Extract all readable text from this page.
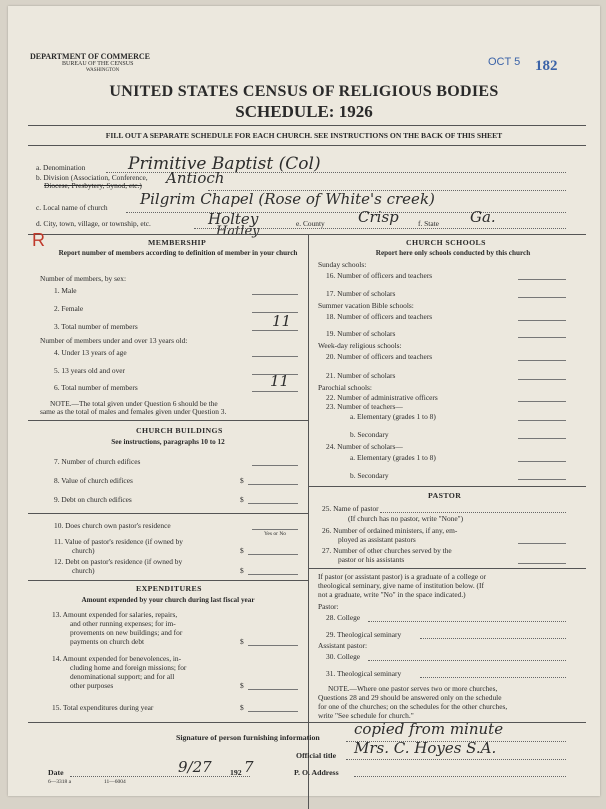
DEPARTMENT OF COMMERCE
BUREAU OF THE CENSUS
WASHINGTON
OCT 5 182
UNITED STATES CENSUS OF RELIGIOUS BODIES
SCHEDULE: 1926
FILL OUT A SEPARATE SCHEDULE FOR EACH CHURCH. SEE INSTRUCTIONS ON THE BACK OF THIS SHEET
a. Denomination	Primitive Baptist (Col)
b. Division (Association, Conference,
Diocese, Presbytery, Synod, etc.) Antioch
c. Local name of church Pilgrim Chapel (Rose of White's creek)
d. City, town, village, or township, etc.	Holtey
Hatley
e. County Crisp	f. State Ga.
R	MEMBERSHIP
Report number of members according to definition of member in your church
Number of members, by sex:
1. Male
2. Female
3. Total number of members	11
Number of members under and over 13 years old:
4. Under 13 years of age
5. 13 years old and over
6. Total number of members	11
NOTE.—The total given under Question 6 should be the
same as the total of males and females given under Question 3.
CHURCH BUILDINGS
See instructions, paragraphs 10 to 12
7. Number of church edifices
8. Value of church edifices	$
9. Debt on church edifices	$
10. Does church own pastor's residence
Yes or No
11. Value of pastor's residence (if owned by
church)	$
12. Debt on pastor's residence (if owned by
church)	$
EXPENDITURES
Amount expended by your church during last fiscal year
13. Amount expended for salaries, repairs,
and other running expenses; for im-
provements on new buildings; and for
payments on church debt	$
14. Amount expended for benevolences, in-
cluding home and foreign missions; for
denominational support; and for all
other purposes	$
15. Total expenditures during year	$
CHURCH SCHOOLS
Report here only schools conducted by this church
Sunday schools:
16. Number of officers and teachers
17. Number of scholars
Summer vacation Bible schools:
18. Number of officers and teachers
19. Number of scholars
Week-day religious schools:
20. Number of officers and teachers
21. Number of scholars
Parochial schools:
22. Number of administrative officers
23. Number of teachers—
a. Elementary (grades 1 to 8)
b. Secondary
24. Number of scholars—
a. Elementary (grades 1 to 8)
b. Secondary
PASTOR
25. Name of pastor
(If church has no pastor, write "None")
26. Number of ordained ministers, if any, em-
ployed as assistant pastors
27. Number of other churches served by the
pastor or his assistants
If pastor (or assistant pastor) is a graduate of a college or
theological seminary, give name of institution below. (If
not a graduate, write "No" in the space indicated.)
Pastor:
28. College
29. Theological seminary
Assistant pastor:
30. College
31. Theological seminary
NOTE.—Where one pastor serves two or more churches,
Questions 28 and 29 should be answered only on the schedule
for one of the churches; on the schedules for the other churches,
write "See schedule for church."
Signature of person furnishing information copied from minute
Official title Mrs. C. Hoyes S.A.
Date	9/27 192 7	P. O. Address
6—3318 a	11—6004
